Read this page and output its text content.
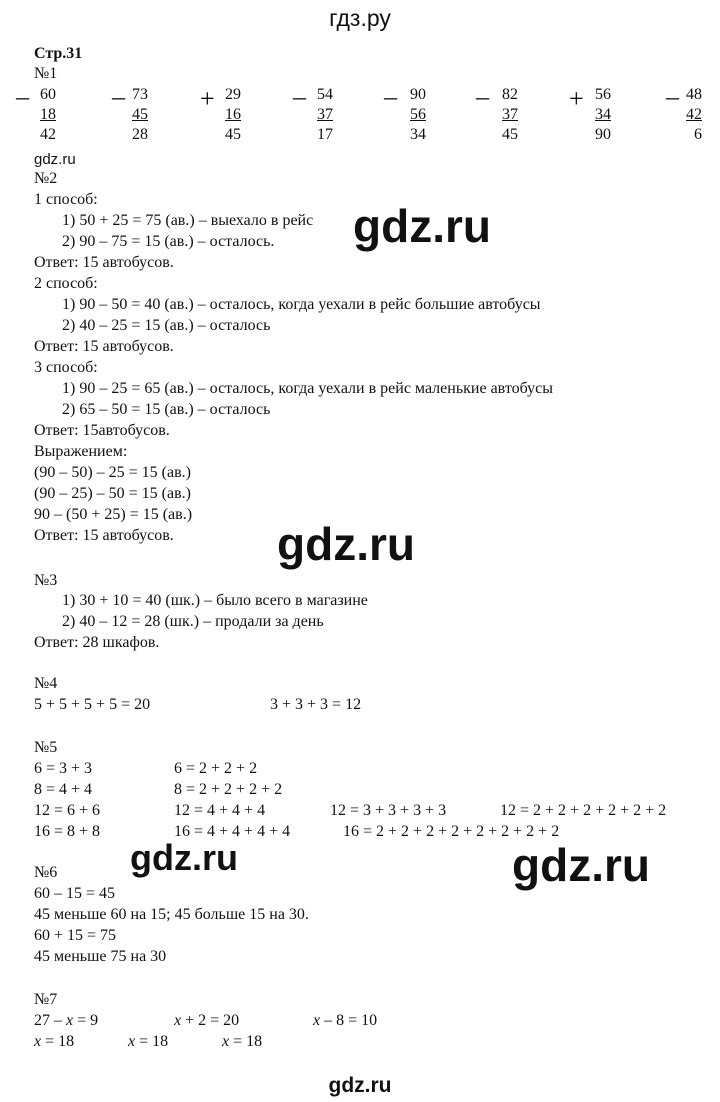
гдз.ру
Стр.31
№1
– 60
18
42
– 73
45
28
+ 29
16
45
– 54
37
17
– 90
56
34
– 82
37
45
+ 56
34
90
– 48
42
6
gdz.ru
№2
1 способ:
1) 50 + 25 = 75 (ав.) – выехало в рейс
2) 90 – 75 = 15 (ав.) – осталось.
Ответ: 15 автобусов.
2 способ:
1) 90 – 50 = 40 (ав.) – осталось, когда уехали в рейс большие автобусы
2) 40 – 25 = 15 (ав.) – осталось
Ответ: 15 автобусов.
3 способ:
1) 90 – 25 = 65 (ав.) – осталось, когда уехали в рейс маленькие автобусы
2) 65 – 50 = 15 (ав.) – осталось
Ответ: 15автобусов.
Выражением:
(90 – 50) – 25 = 15 (ав.)
(90 – 25) – 50 = 15 (ав.)
90 – (50 + 25) = 15 (ав.)
Ответ: 15 автобусов.
gdz.ru
gdz.ru
№3
1) 30 + 10 = 40 (шк.) – было всего в магазине
2) 40 – 12 = 28 (шк.) – продали за день
Ответ: 28 шкафов.
№4
5 + 5 + 5 + 5 = 20	3 + 3 + 3 = 12
№5
6 = 3 + 3	6 = 2 + 2 + 2
8 = 4 + 4	8 = 2 + 2 + 2 + 2
12 = 6 + 6	12 = 4 + 4 + 4	12 = 3 + 3 + 3 + 3	12 = 2 + 2 + 2 + 2 + 2 + 2
16 = 8 + 8	16 = 4 + 4 + 4 + 4	16 = 2 + 2 + 2 + 2 + 2 + 2 + 2 + 2
gdz.ru	gdz.ru
№6
60 – 15 = 45
45 меньше 60 на 15; 45 больше 15 на 30.
60 + 15 = 75
45 меньше 75 на 30
№7
27 – x = 9	x + 2 = 20	x – 8 = 10
x = 18	x = 18	x = 18
gdz.ru
